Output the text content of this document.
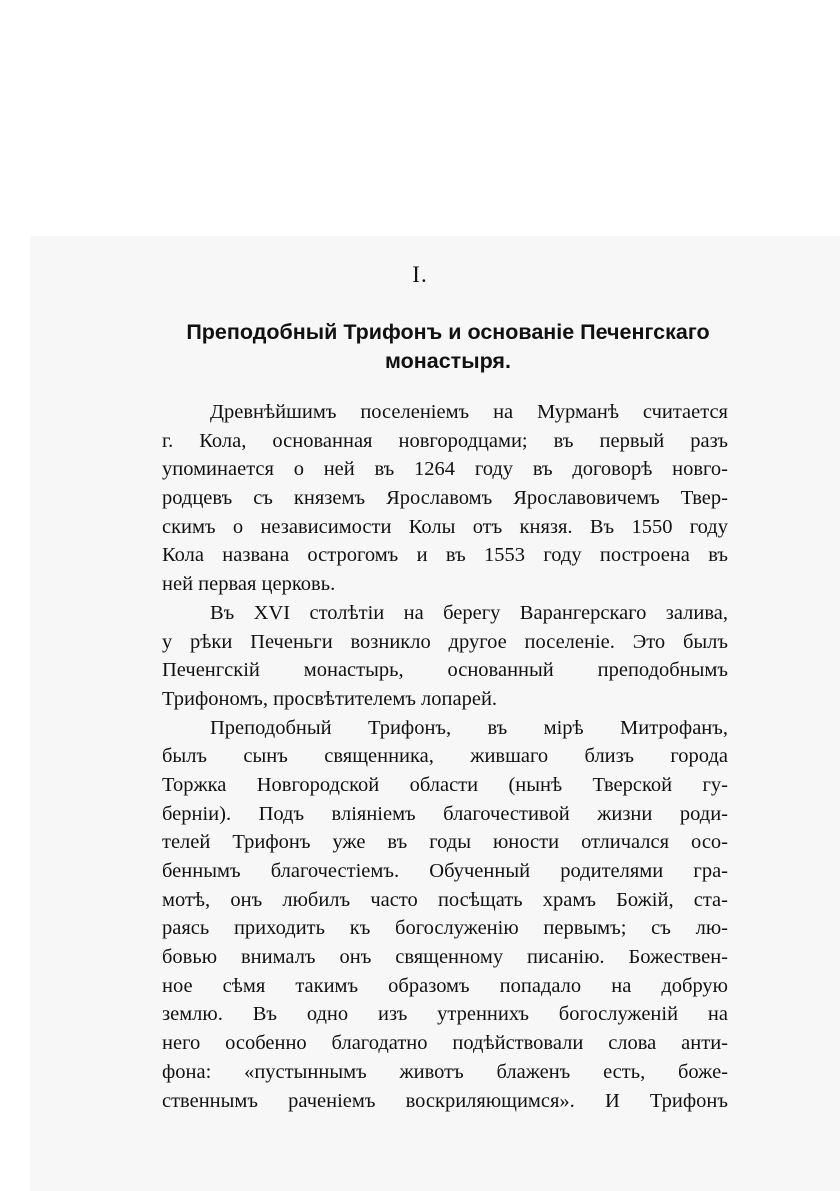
I.
Преподобный Трифонъ и основанie Печенгскаго
монастыря.
Древнѣйшимъ поселенiемъ на Мурманѣ считается
г. Кола, основанная новгородцами; въ первый разъ
упоминается о ней въ 1264 году въ договорѣ новго-
родцевъ съ княземъ Ярославомъ Ярославовичемъ Твер-
скимъ о независимости Колы отъ князя. Въ 1550 году
Кола названа острогомъ и въ 1553 году построена въ
ней первая церковь.
Въ XVI столѣтiи на берегу Варангерскаго залива,
у рѣки Печеньги возникло другое поселенiе. Это былъ
Печенгскiй монастырь, основанный преподобнымъ
Трифономъ, просвѣтителемъ лопарей.
Преподобный Трифонъ, въ мiрѣ Митрофанъ,
былъ сынъ священника, жившаго близъ города
Торжка Новгородской области (нынѣ Тверской гу-
бернiи). Подъ влiянiемъ благочестивой жизни роди-
телей Трифонъ уже въ годы юности отличался осо-
беннымъ благочестiемъ. Обученный родителями гра-
мотѣ, онъ любилъ часто посѣщать храмъ Божiй, ста-
раясь приходить къ богослуженiю первымъ; съ лю-
бовью внималъ онъ священному писанiю. Божествен-
ное сѣмя такимъ образомъ попадало на добрую
землю. Въ одно изъ утреннихъ богослуженiй на
него особенно благодатно подѣйствовали слова анти-
фона: «пустыннымъ животъ блаженъ есть, боже-
ственнымъ раченiемъ воскриляющимся». И Трифонъ
